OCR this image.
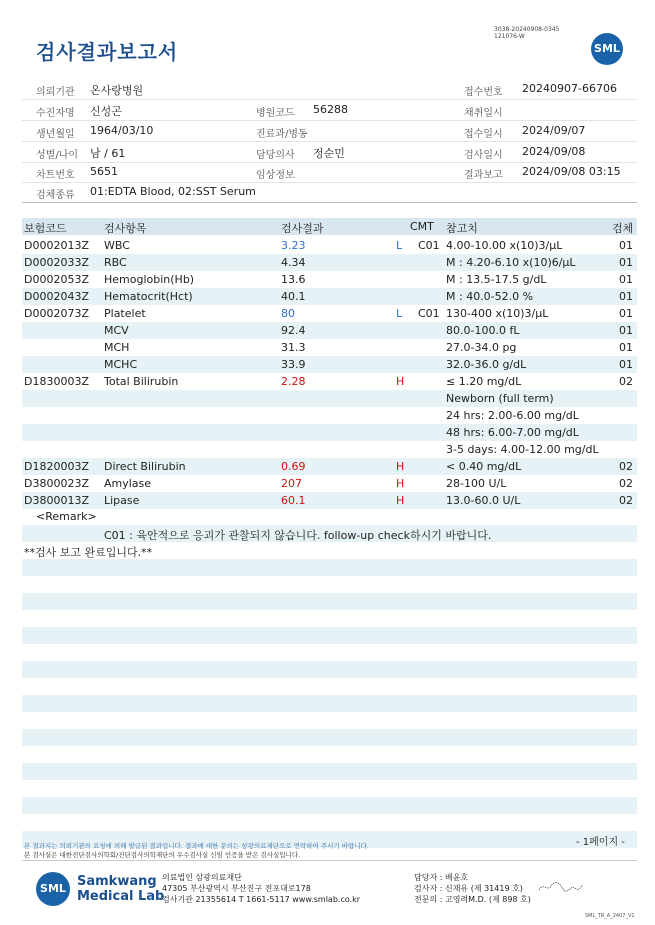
검사결과보고서
3038-20240908-0345
121076-W
SML
의뢰기관 온사랑병원	접수번호 20240907-66706
수진자명 신성곤	병원코드 56288	채취일시
생년월일 1964/03/10	진료과/병동	접수일시 2024/09/07
성별/나이 남 / 61	담당의사 정순민	검사일시 2024/09/08
차트번호 5651	임상정보	결과보고 2024/09/08 03:15
검체종류 01:EDTA Blood, 02:SST Serum
보험코드	검사항목	검사결과	CMT 참고치	검체
D0002013Z WBC	3.23	L C01 4.00-10.00 x(10)3/μL	01
D0002033Z RBC	4.34	M : 4.20-6.10 x(10)6/μL	01
D0002053Z Hemoglobin(Hb)	13.6	M : 13.5-17.5 g/dL	01
D0002043Z Hematocrit(Hct)	40.1	M : 40.0-52.0 %	01
D0002073Z Platelet	80	L C01 130-400 x(10)3/μL	01
MCV	92.4	80.0-100.0 fL	01
MCH	31.3	27.0-34.0 pg	01
MCHC	33.9	32.0-36.0 g/dL	01
D1830003Z Total Bilirubin	2.28	H	≤ 1.20 mg/dL	02
Newborn (full term)
24 hrs: 2.00-6.00 mg/dL
48 hrs: 6.00-7.00 mg/dL
3-5 days: 4.00-12.00 mg/dL
D1820003Z Direct Bilirubin	0.69	H	< 0.40 mg/dL	02
D3800023Z Amylase	207	H	28-100 U/L	02
D3800013Z Lipase	60.1	H	13.0-60.0 U/L	02
<Remark>
C01 : 육안적으로 응괴가 관찰되지 않습니다. follow-up check하시기 바랍니다.
**검사 보고 완료입니다.**
- 1페이지 -
본 결과지는 의뢰기관의 요청에 의해 발급된 결과입니다. 결과에 대한 문의는 삼광의료재단으로 연락하여 주시기 바랍니다.
본 검사실은 대한진단검사의학회/진단검사의학재단의 우수검사실 신임 인증을 받은 검사실입니다.
SML Samkwang
Medical Lab
의료법인 삼광의료재단
47305 부산광역시 부산진구 전포대로178
검사기관 21355614 T 1661-5117 www.smlab.co.kr
담당자 : 배윤호
검사자 : 신재유 (제 31419 호)
전문의 : 고영려M.D. (제 898 호)
SML_TR_A_2407_V1
